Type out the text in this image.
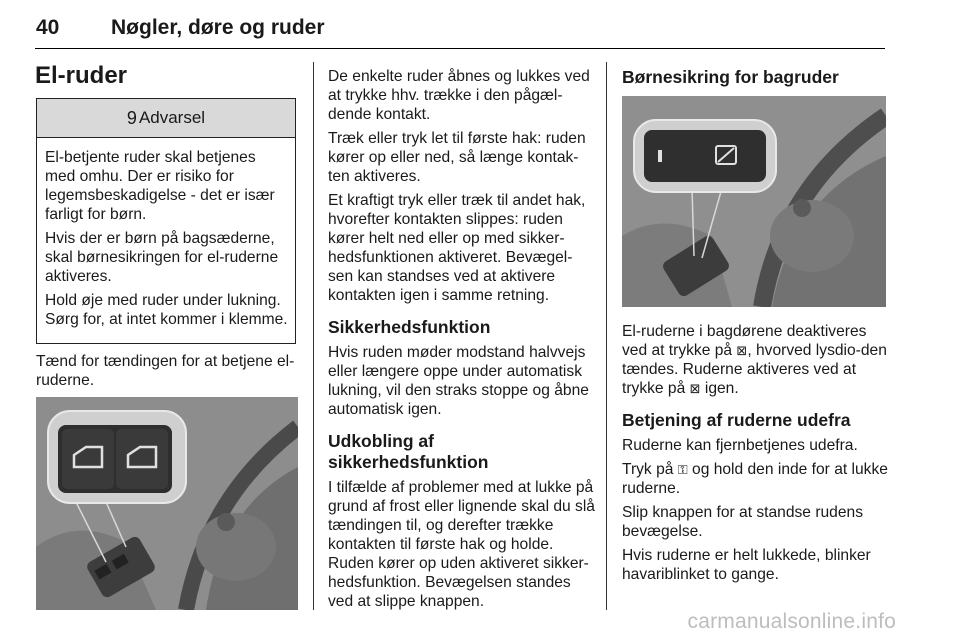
40 Nøgler, døre og ruder
El-ruder
9 Advarsel

El-betjente ruder skal betjenes med omhu. Der er risiko for legemsbeskadigelse - det er især farligt for børn.

Hvis der er børn på bagsæderne, skal børnesikringen for el-ruderne aktiveres.

Hold øje med ruder under lukning. Sørg for, at intet kommer i klemme.

Tænd for tændingen for at betjene el-ruderne.

De enkelte ruder åbnes og lukkes ved at trykke hhv. trække i den pågæl-dende kontakt.

Træk eller tryk let til første hak: ruden kører op eller ned, så længe kontak-ten aktiveres.

Et kraftigt tryk eller træk til andet hak, hvorefter kontakten slippes: ruden kører helt ned eller op med sikker-hedsfunktionen aktiveret. Bevægel-sen kan standses ved at aktivere kontakten igen i samme retning.

Sikkerhedsfunktion

Hvis ruden møder modstand halvvejs eller længere oppe under automatisk lukning, vil den straks stoppe og åbne automatisk igen.

Udkobling af sikkerhedsfunktion

I tilfælde af problemer med at lukke på grund af frost eller lignende skal du slå tændingen til, og derefter trække kontakten til første hak og holde. Ruden kører op uden aktiveret sikker-hedsfunktion. Bevægelsen standes ved at slippe knappen.

Børnesikring for bagruder

El-ruderne i bagdørene deaktiveres ved at trykke på ⊠, hvorved lysdio-den tændes. Ruderne aktiveres ved at trykke på ⊠ igen.

Betjening af ruderne udefra

Ruderne kan fjernbetjenes udefra.

Tryk på ⚿ og hold den inde for at lukke ruderne.

Slip knappen for at standse rudens bevægelse.

Hvis ruderne er helt lukkede, blinker havariblinket to gange.

carmanualsonline.info
